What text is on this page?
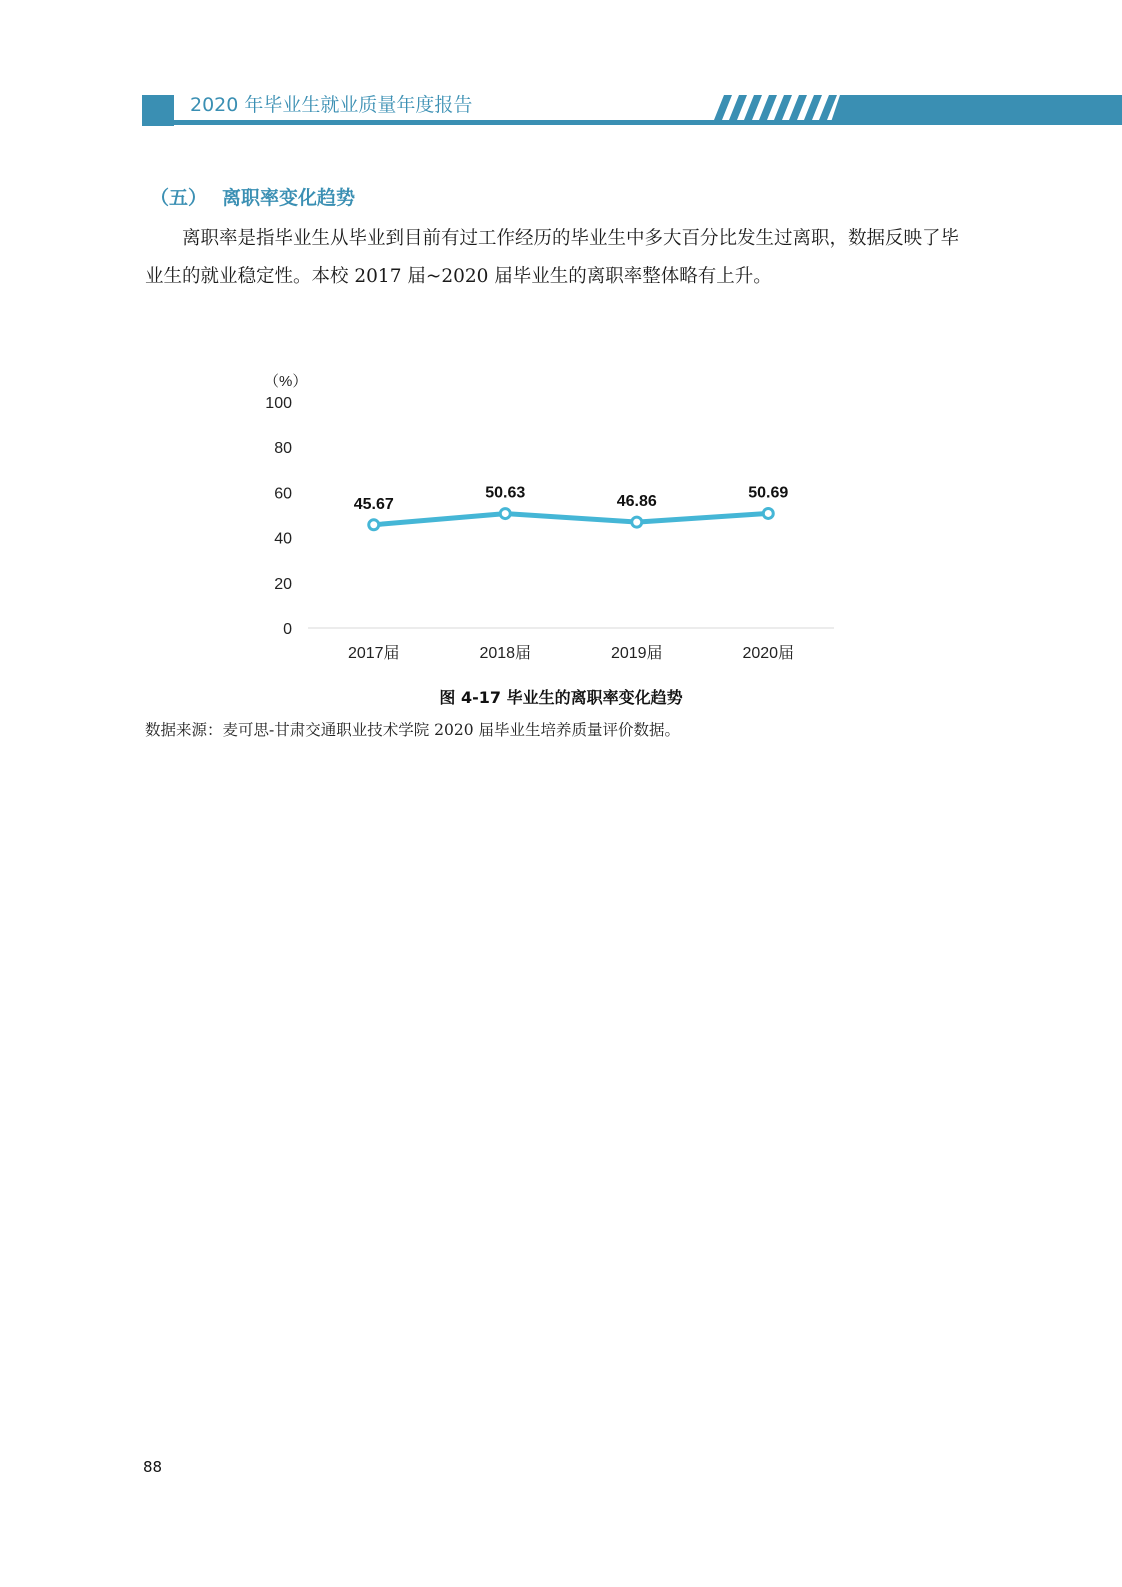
2020 年毕业生就业质量年度报告
（五） 离职率变化趋势

离职率是指毕业生从毕业到目前有过工作经历的毕业生中多大百分比发生过离职，数据反映了毕业生的就业稳定性。本校 2017 届~2020 届毕业生的离职率整体略有上升。

（%）
0
20
40
60
80
100
2017届	2018届	2019届	2020届
45.67
50.63
46.86
50.69
图 4-17 毕业生的离职率变化趋势
数据来源：麦可思-甘肃交通职业技术学院 2020 届毕业生培养质量评价数据。
88
